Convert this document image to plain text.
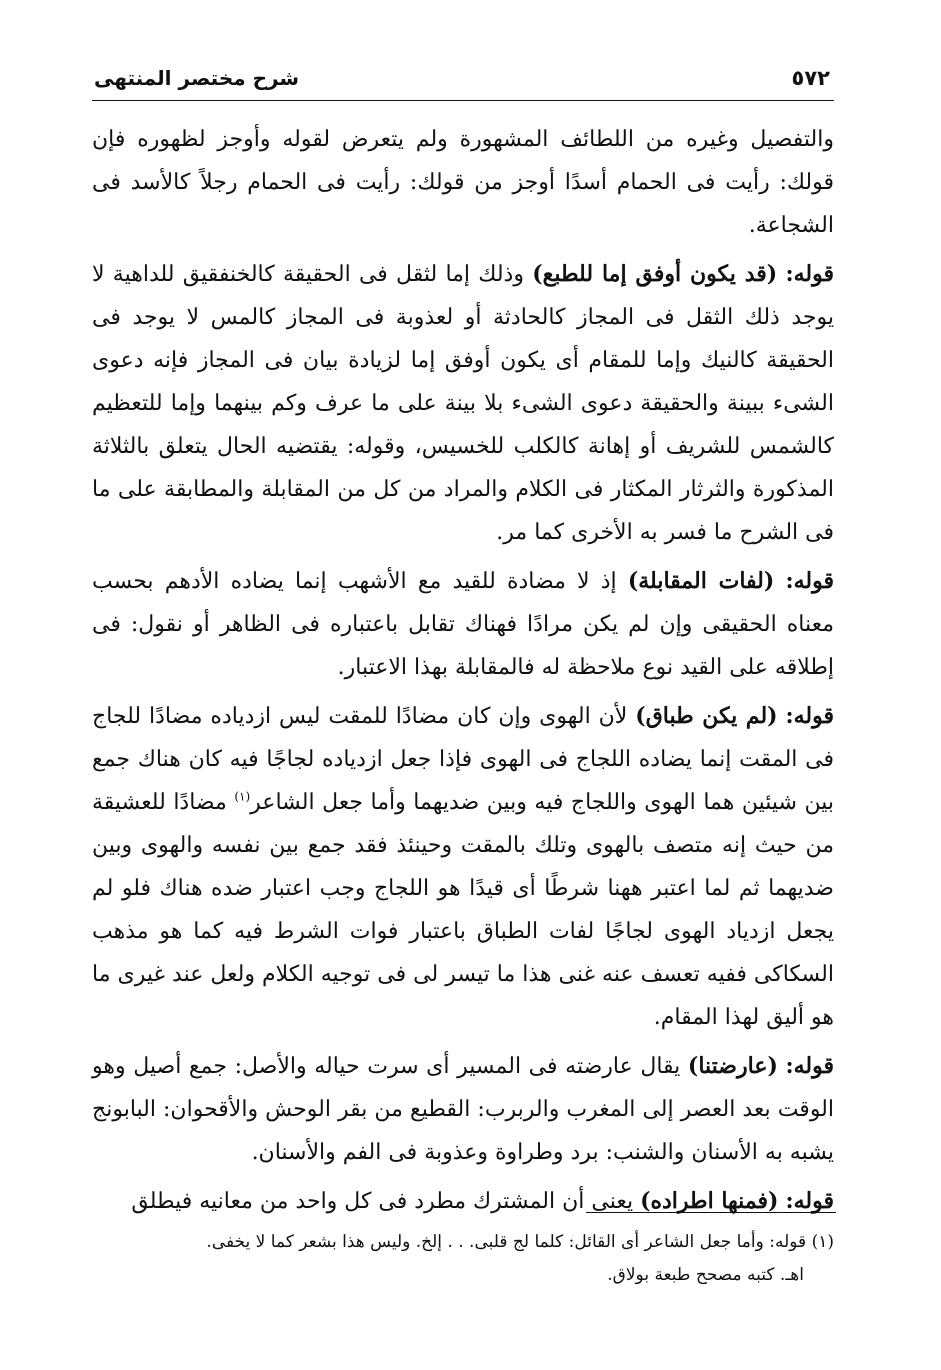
٥٧٢
شرح مختصر المنتهى

والتفصيل وغيره من اللطائف المشهورة ولم يتعرض لقوله وأوجز لظهوره فإن قولك: رأيت فى الحمام أسدًا أوجز من قولك: رأيت فى الحمام رجلاً كالأسد فى الشجاعة.

قوله: (قد يكون أوفق إما للطبع) وذلك إما لثقل فى الحقيقة كالخنفقيق للداهية لا يوجد ذلك الثقل فى المجاز كالحادثة أو لعذوبة فى المجاز كالمس لا يوجد فى الحقيقة كالنيك وإما للمقام أى يكون أوفق إما لزيادة بيان فى المجاز فإنه دعوى الشىء ببينة والحقيقة دعوى الشىء بلا بينة على ما عرف وكم بينهما وإما للتعظيم كالشمس للشريف أو إهانة كالكلب للخسيس، وقوله: يقتضيه الحال يتعلق بالثلاثة المذكورة والثرثار المكثار فى الكلام والمراد من كل من المقابلة والمطابقة على ما فى الشرح ما فسر به الأخرى كما مر.

قوله: (لفات المقابلة) إذ لا مضادة للقيد مع الأشهب إنما يضاده الأدهم بحسب معناه الحقيقى وإن لم يكن مرادًا فهناك تقابل باعتباره فى الظاهر أو نقول: فى إطلاقه على القيد نوع ملاحظة له فالمقابلة بهذا الاعتبار.

قوله: (لم يكن طباق) لأن الهوى وإن كان مضادًا للمقت ليس ازدياده مضادًا للجاج فى المقت إنما يضاده اللجاج فى الهوى فإذا جعل ازدياده لجاجًا فيه كان هناك جمع بين شيئين هما الهوى واللجاج فيه وبين ضديهما وأما جعل الشاعر$^{(١)}$ مضادًا للعشيقة من حيث إنه متصف بالهوى وتلك بالمقت وحينئذ فقد جمع بين نفسه والهوى وبين ضديهما ثم لما اعتبر ههنا شرطًا أى قيدًا هو اللجاج وجب اعتبار ضده هناك فلو لم يجعل ازدياد الهوى لجاجًا لفات الطباق باعتبار فوات الشرط فيه كما هو مذهب السكاكى ففيه تعسف عنه غنى هذا ما تيسر لى فى توجيه الكلام ولعل عند غيرى ما هو أليق لهذا المقام.

قوله: (عارضتنا) يقال عارضته فى المسير أى سرت حياله والأصل: جمع أصيل وهو الوقت بعد العصر إلى المغرب والربرب: القطيع من بقر الوحش والأقحوان: البابونج يشبه به الأسنان والشنب: برد وطراوة وعذوبة فى الفم والأسنان.

قوله: (فمنها اطراده) يعنى أن المشترك مطرد فى كل واحد من معانيه فيطلق

(١) قوله: وأما جعل الشاعر أى القائل: كلما لج قلبى. . . إلخ. وليس هذا بشعر كما لا يخفى.

اهـ. كتبه مصحح طبعة بولاق.
